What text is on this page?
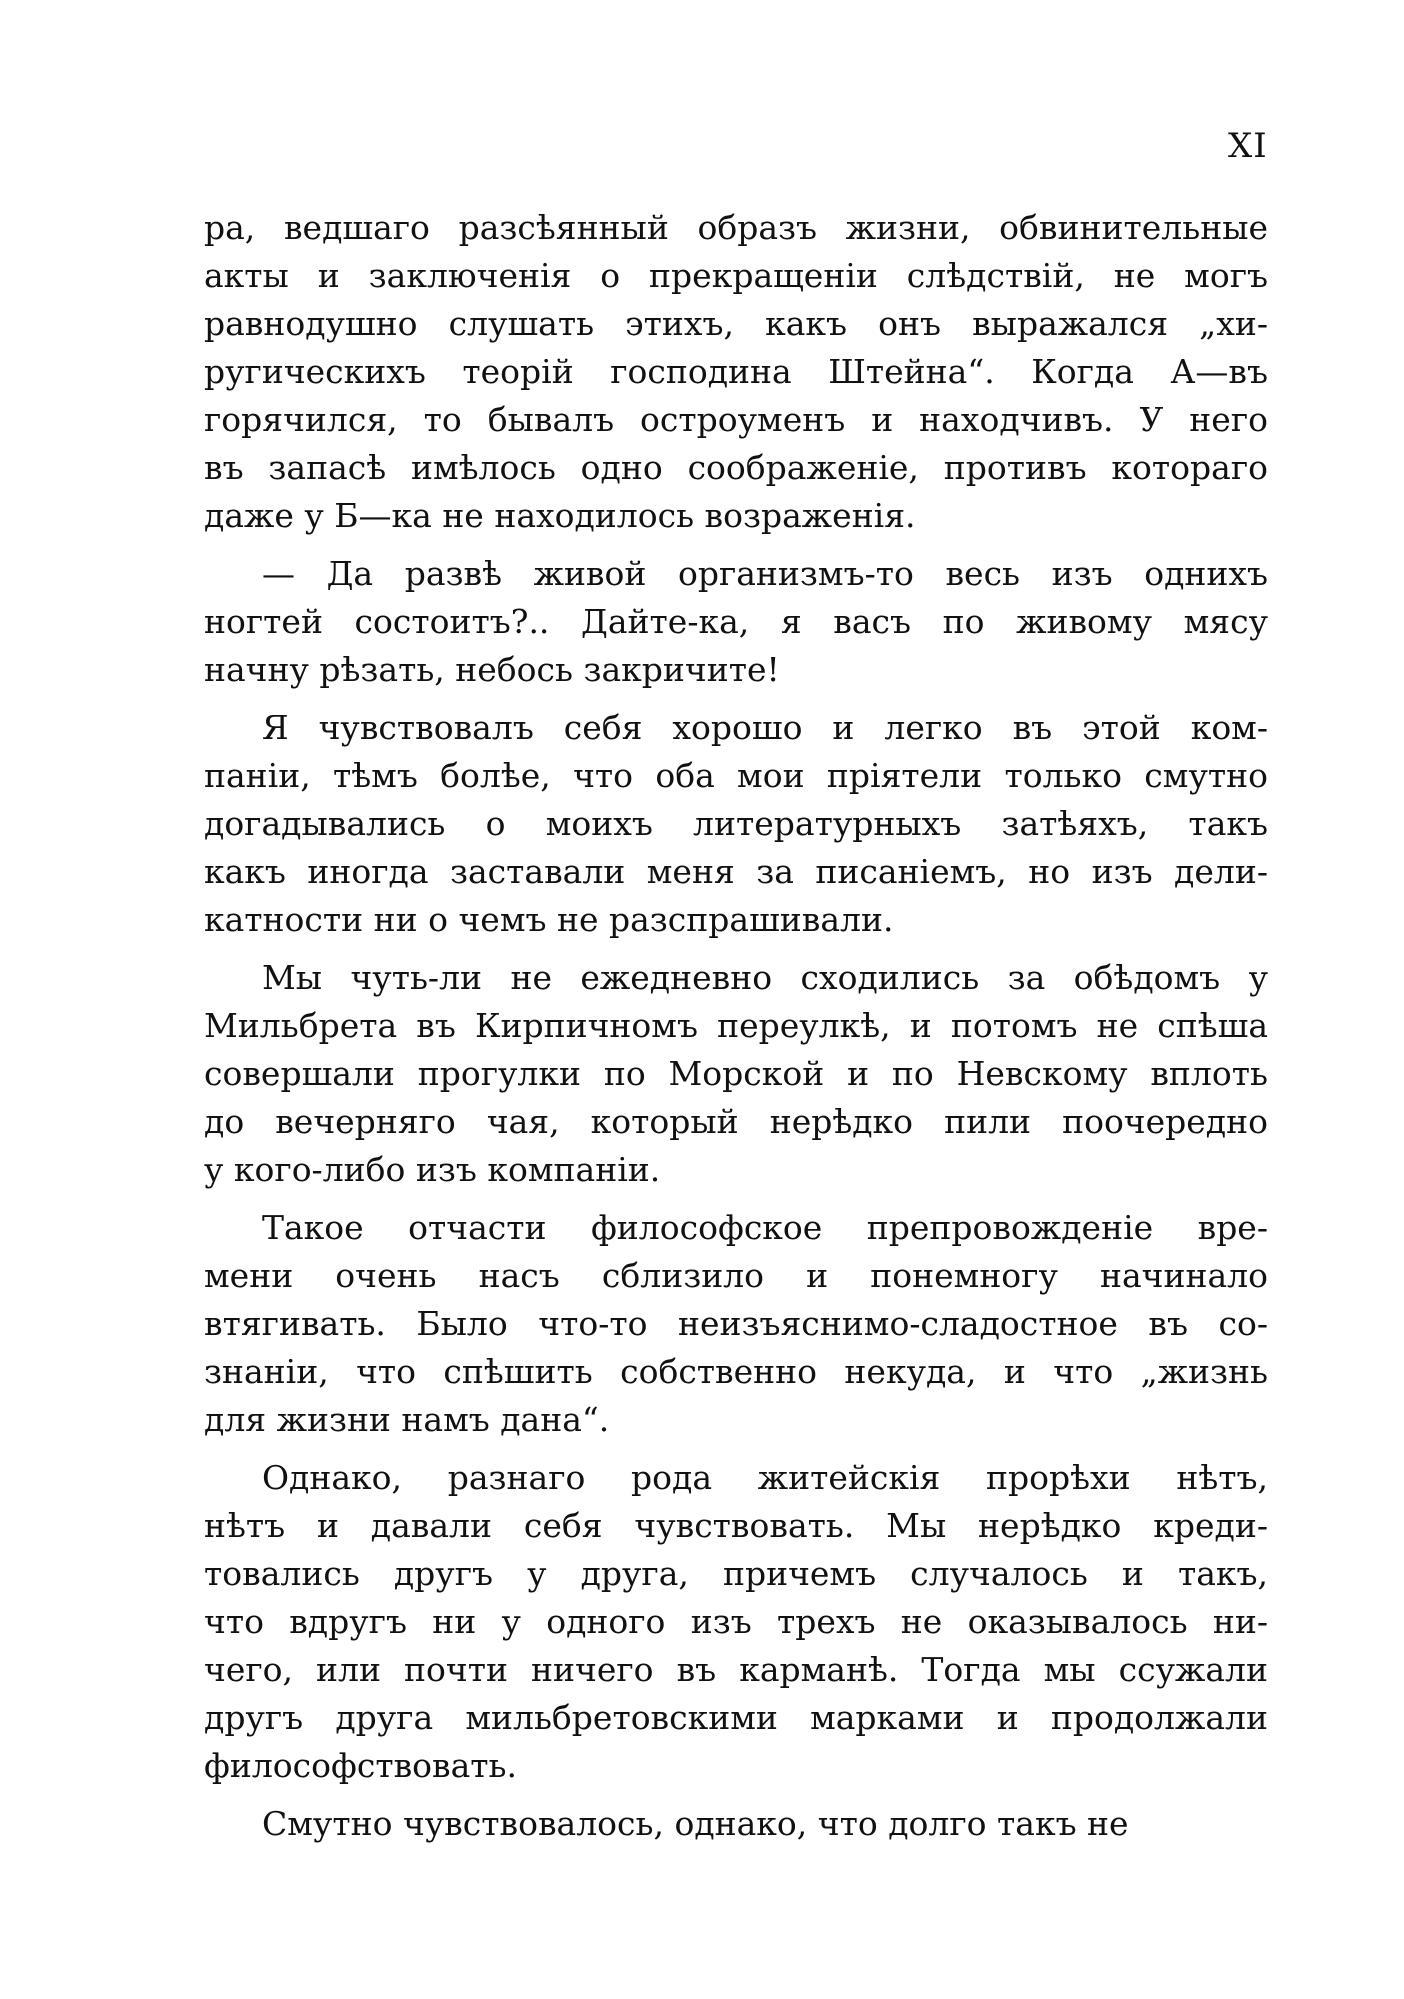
XI
ра, ведшаго разсѣянный образъ жизни, обвинительные
акты и заключенія о прекращеніи слѣдствій, не могъ
равнодушно слушать этихъ, какъ онъ выражался „хи-
ругическихъ теорій господина Штейна“. Когда А—въ
горячился, то бывалъ остроуменъ и находчивъ. У него
въ запасѣ имѣлось одно соображеніе, противъ котораго
даже у Б—ка не находилось возраженія.
— Да развѣ живой организмъ-то весь изъ однихъ
ногтей состоитъ?.. Дайте-ка, я васъ по живому мясу
начну рѣзать, небось закричите!
Я чувствовалъ себя хорошо и легко въ этой ком-
паніи, тѣмъ болѣе, что оба мои пріятели только смутно
догадывались о моихъ литературныхъ затѣяхъ, такъ
какъ иногда заставали меня за писаніемъ, но изъ дели-
катности ни о чемъ не разспрашивали.
Мы чуть-ли не ежедневно сходились за обѣдомъ у
Мильбрета въ Кирпичномъ переулкѣ, и потомъ не спѣша
совершали прогулки по Морской и по Невскому вплоть
до вечерняго чая, который нерѣдко пили поочередно
у кого-либо изъ компаніи.
Такое отчасти философское препровожденіе вре-
мени очень насъ сблизило и понемногу начинало
втягивать. Было что-то неизъяснимо-сладостное въ со-
знаніи, что спѣшить собственно некуда, и что „жизнь
для жизни намъ дана“.
Однако, разнаго рода житейскія прорѣхи нѣтъ,
нѣтъ и давали себя чувствовать. Мы нерѣдко креди-
товались другъ у друга, причемъ случалось и такъ,
что вдругъ ни у одного изъ трехъ не оказывалось ни-
чего, или почти ничего въ карманѣ. Тогда мы ссужали
другъ друга мильбретовскими марками и продолжали
философствовать.
Смутно чувствовалось, однако, что долго такъ не
